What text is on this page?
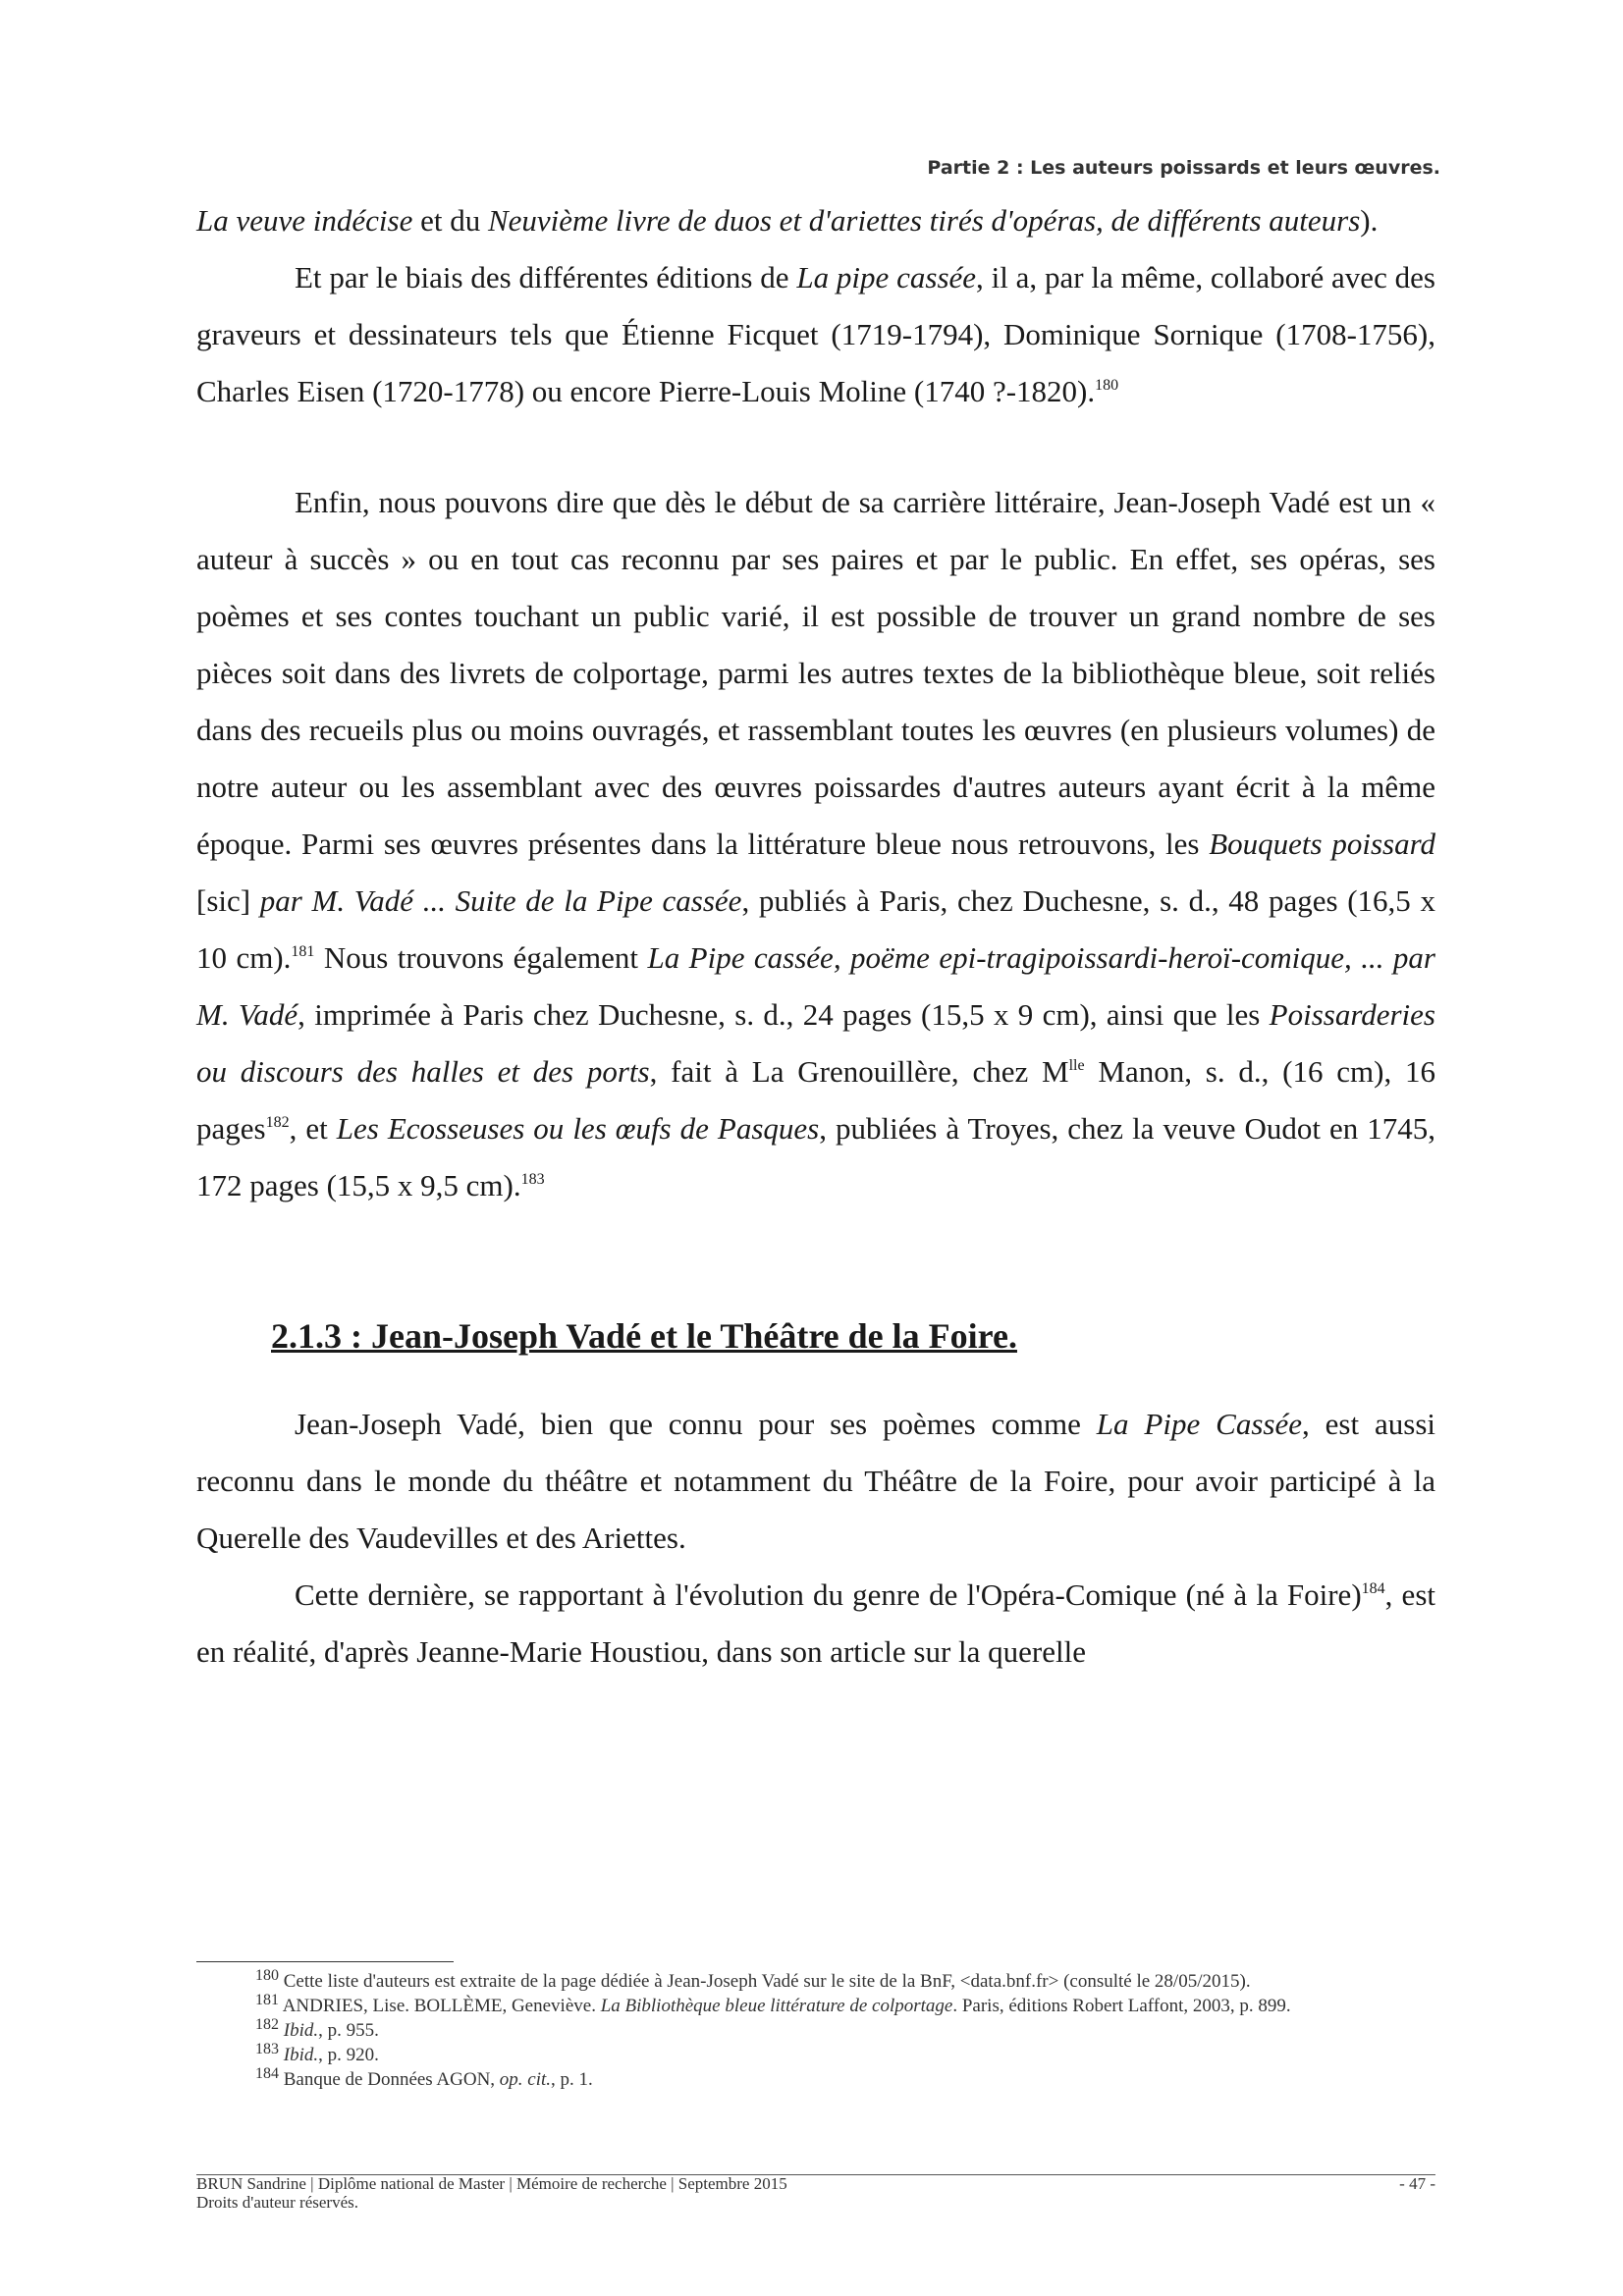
Partie 2 : Les auteurs poissards et leurs œuvres.

La veuve indécise et du Neuvième livre de duos et d'ariettes tirés d'opéras, de différents auteurs).

Et par le biais des différentes éditions de La pipe cassée, il a, par la même, collaboré avec des graveurs et dessinateurs tels que Étienne Ficquet (1719-1794), Dominique Sornique (1708-1756), Charles Eisen (1720-1778) ou encore Pierre-Louis Moline (1740 ?-1820).$^{180}$

Enfin, nous pouvons dire que dès le début de sa carrière littéraire, Jean-Joseph Vadé est un « auteur à succès » ou en tout cas reconnu par ses paires et par le public. En effet, ses opéras, ses poèmes et ses contes touchant un public varié, il est possible de trouver un grand nombre de ses pièces soit dans des livrets de colportage, parmi les autres textes de la bibliothèque bleue, soit reliés dans des recueils plus ou moins ouvragés, et rassemblant toutes les œuvres (en plusieurs volumes) de notre auteur ou les assemblant avec des œuvres poissardes d'autres auteurs ayant écrit à la même époque. Parmi ses œuvres présentes dans la littérature bleue nous retrouvons, les Bouquets poissard [sic] par M. Vadé ... Suite de la Pipe cassée, publiés à Paris, chez Duchesne, s. d., 48 pages (16,5 x 10 cm).$^{181}$ Nous trouvons également La Pipe cassée, poëme epi-tragipoissardi-heroï-comique, ... par M. Vadé, imprimée à Paris chez Duchesne, s. d., 24 pages (15,5 x 9 cm), ainsi que les Poissarderies ou discours des halles et des ports, fait à La Grenouillère, chez $M^{lle}$ Manon, s. d., (16 cm), 16 pages$^{182}$, et Les Ecosseuses ou les œufs de Pasques, publiées à Troyes, chez la veuve Oudot en 1745, 172 pages (15,5 x 9,5 cm).$^{183}$

2.1.3 : Jean-Joseph Vadé et le Théâtre de la Foire.

Jean-Joseph Vadé, bien que connu pour ses poèmes comme La Pipe Cassée, est aussi reconnu dans le monde du théâtre et notamment du Théâtre de la Foire, pour avoir participé à la Querelle des Vaudevilles et des Ariettes.

Cette dernière, se rapportant à l'évolution du genre de l'Opéra-Comique (né à la Foire)$^{184}$, est en réalité, d'après Jeanne-Marie Houstiou, dans son article sur la querelle

$^{180}$ Cette liste d'auteurs est extraite de la page dédiée à Jean-Joseph Vadé sur le site de la BnF, <data.bnf.fr> (consulté le 28/05/2015).

$^{181}$ ANDRIES, Lise. BOLLÈME, Geneviève. La Bibliothèque bleue littérature de colportage. Paris, éditions Robert Laffont, 2003, p. 899.

$^{182}$ Ibid., p. 955.

$^{183}$ Ibid., p. 920.

$^{184}$ Banque de Données AGON, op. cit., p. 1.

BRUN Sandrine | Diplôme national de Master | Mémoire de recherche | Septembre 2015
Droits d'auteur réservés.
- 47 -
